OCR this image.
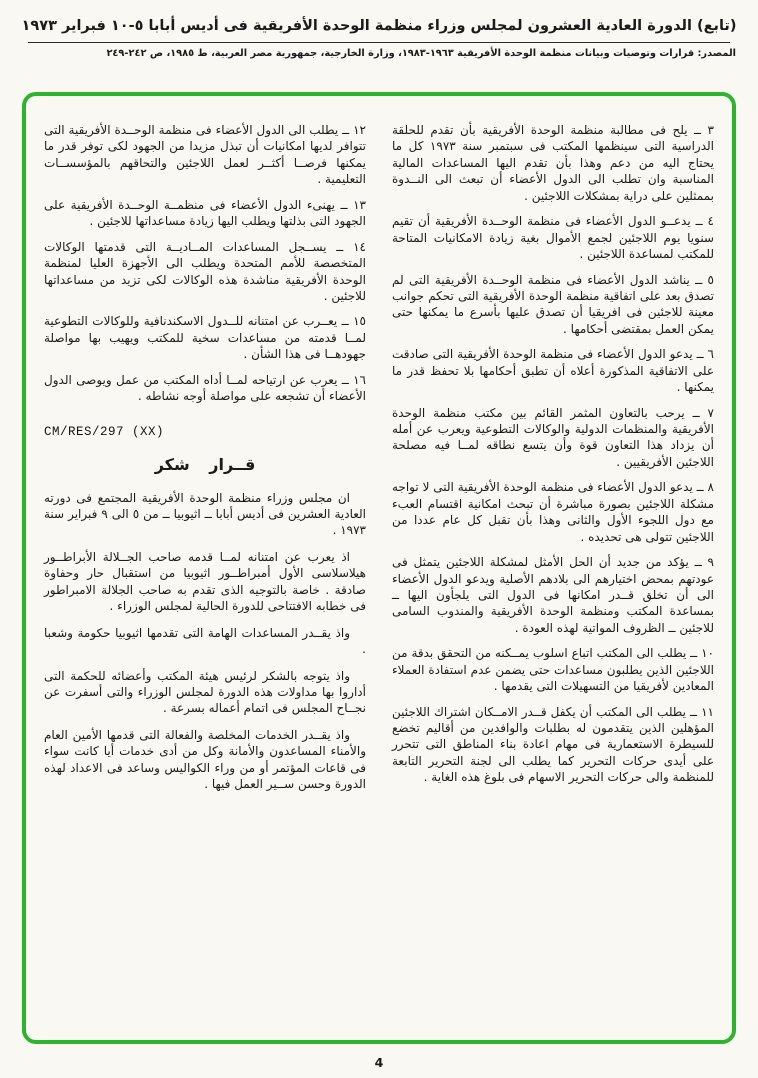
(تابع) الدورة العادية العشرون لمجلس وزراء منظمة الوحدة الأفريقية فى أديس أبابا ٥-١٠ فبراير ١٩٧٣
المصدر: قرارات وتوصيات وبيانات منظمة الوحدة الأفريقية ١٩٦٣-١٩٨٣، وزارة الخارجية، جمهورية مصر العربية، ط ١٩٨٥، ص ٢٤٢-٢٤٩

٣ ــ يلح فى مطالبة منظمة الوحدة الأفريقية بأن تقدم للحلقة الدراسية التى سينظمها المكتب فى سبتمبر سنة ١٩٧٣ كل ما يحتاج اليه من دعم وهذا بأن تقدم اليها المساعدات المالية المناسبة وان تطلب الى الدول الأعضاء أن تبعث الى النــدوة بممثلين على دراية بمشكلات اللاجئين .

٤ ــ يدعــو الدول الأعضاء فى منظمة الوحــدة الأفريقية أن تقيم سنويا يوم اللاجئين لجمع الأموال بغية زيادة الامكانيات المتاحة للمكتب لمساعدة اللاجئين .

٥ ــ يناشد الدول الأعضاء فى منظمة الوحــدة الأفريقية التى لم تصدق بعد على اتفاقية منظمة الوحدة الأفريقية التى تحكم جوانب معينة للاجئين فى افريقيا أن تصدق عليها بأسرع ما يمكنها حتى يمكن العمل بمقتضى أحكامها .

٦ ــ يدعو الدول الأعضاء فى منظمة الوحدة الأفريقية التى صادقت على الاتفاقية المذكورة أعلاه أن تطبق أحكامها بلا تحفظ قدر ما يمكنها .

٧ ــ يرحب بالتعاون المثمر القائم بين مكتب منظمة الوحدة الأفريقية والمنظمات الدولية والوكالات التطوعية ويعرب عن أمله أن يزداد هذا التعاون قوة وأن يتسع نطاقه لمــا فيه مصلحة اللاجئين الأفريقيين .

٨ ــ يدعو الدول الأعضاء فى منظمة الوحدة الأفريقية التى لا تواجه مشكلة اللاجئين بصورة مباشرة أن تبحث امكانية اقتسام العبء مع دول اللجوء الأول والثانى وهذا بأن تقبل كل عام عددا من اللاجئين تتولى هى تحديده .

٩ ــ يؤكد من جديد أن الحل الأمثل لمشكلة اللاجئين يتمثل فى عودتهم بمحض اختيارهم الى بلادهم الأصلية ويدعو الدول الأعضاء الى أن تخلق قــدر امكانها فى الدول التى يلجأون اليها ــ بمساعدة المكتب ومنظمة الوحدة الأفريقية والمندوب السامى للاجئين ــ الظروف المواتية لهذه العودة .

١٠ ــ يطلب الى المكتب اتباع اسلوب يمــكنه من التحقق بدقة من اللاجئين الذين يطلبون مساعدات حتى يضمن عدم استفادة العملاء المعادين لأفريقيا من التسهيلات التى يقدمها .

١١ ــ يطلب الى المكتب أن يكفل قــدر الامــكان اشتراك اللاجئين المؤهلين الذين يتقدمون له بطلبات والوافدين من أقاليم تخضع للسيطرة الاستعمارية فى مهام اعادة بناء المناطق التى تتحرر على أيدى حركات التحرير كما يطلب الى لجنة التحرير التابعة للمنظمة والى حركات التحرير الاسهام فى بلوغ هذه الغاية .

١٢ ــ يطلب الى الدول الأعضاء فى منظمة الوحــدة الأفريقية التى تتوافر لديها امكانيات أن تبذل مزيدا من الجهود لكى توفر قدر ما يمكنها فرصــا أكثــر لعمل اللاجئين والتحاقهم بالمؤسســات التعليمية .

١٣ ــ يهنىء الدول الأعضاء فى منظمــة الوحــدة الأفريقية على الجهود التى بذلتها ويطلب اليها زيادة مساعداتها للاجئين .

١٤ ــ يســجل المساعدات المــاديــة التى قدمتها الوكالات المتخصصة للأمم المتحدة ويطلب الى الأجهزة العليا لمنظمة الوحدة الأفريقية مناشدة هذه الوكالات لكى تزيد من مساعداتها للاجئين .

١٥ ــ يعــرب عن امتنانه للــدول الاسكندنافية وللوكالات التطوعية لمــا قدمته من مساعدات سخية للمكتب ويهيب بها مواصلة جهودهــا فى هذا الشأن .

١٦ ــ يعرب عن ارتياحه لمــا أداه المكتب من عمل ويوصى الدول الأعضاء أن تشجعه على مواصلة أوجه نشاطه .

CM/RES/297 (XX)
قــرار شكر

ان مجلس وزراء منظمة الوحدة الأفريقية المجتمع فى دورته العادية العشرين فى أديس أبابا ــ اثيوبيا ــ من ٥ الى ٩ فبراير سنة ١٩٧٣ .

اذ يعرب عن امتنانه لمــا قدمه صاحب الجــلالة الأبراطــور هيلاسلاسى الأول أمبراطــور اثيوبيا من استقبال حار وحفاوة صادقة . خاصة بالتوجيه الذى تقدم به صاحب الجلالة الامبراطور فى خطابه الافتتاحى للدورة الحالية لمجلس الوزراء .

واذ يقــدر المساعدات الهامة التى تقدمها اثيوبيا حكومة وشعبا .

واذ يتوجه بالشكر لرئيس هيئة المكتب وأعضائه للحكمة التى أداروا بها مداولات هذه الدورة لمجلس الوزراء والتى أسفرت عن نجــاح المجلس فى اتمام أعماله بسرعة .

واذ يقــدر الخدمات المخلصة والفعالة التى قدمها الأمين العام والأمناء المساعدون والأمانة وكل من أدى خدمات أيا كانت سواء فى قاعات المؤتمر أو من وراء الكواليس وساعد فى الاعداد لهذه الدورة وحسن ســير العمل فيها .

4
